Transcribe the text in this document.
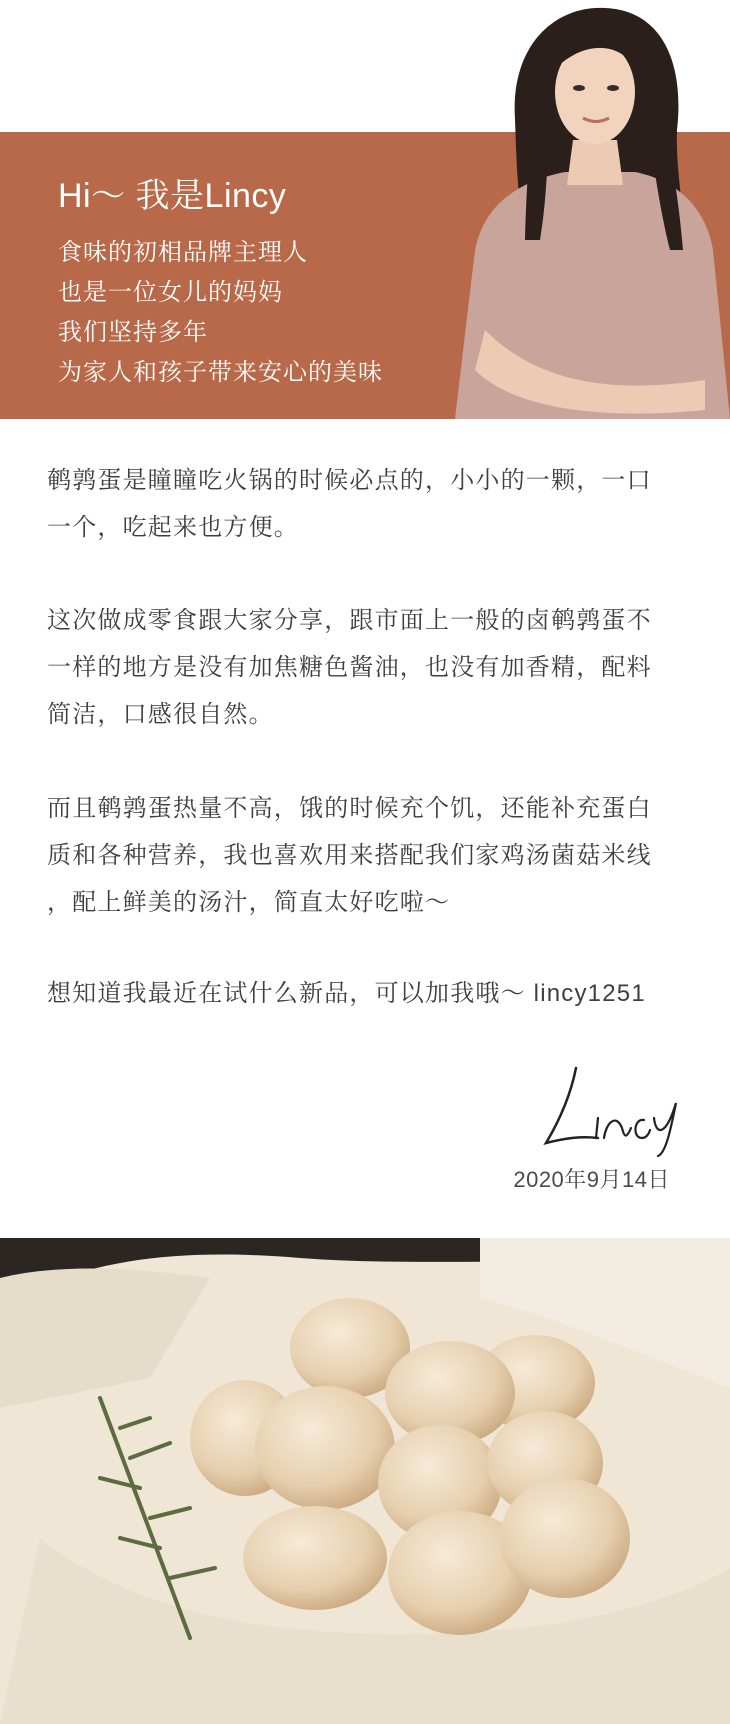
Hi～ 我是Lincy
食味的初相品牌主理人
也是一位女儿的妈妈
我们坚持多年
为家人和孩子带来安心的美味
鹌鹑蛋是瞳瞳吃火锅的时候必点的，小小的一颗，一口
一个，吃起来也方便。
这次做成零食跟大家分享，跟市面上一般的卤鹌鹑蛋不
一样的地方是没有加焦糖色酱油，也没有加香精，配料
简洁，口感很自然。
而且鹌鹑蛋热量不高，饿的时候充个饥，还能补充蛋白
质和各种营养，我也喜欢用来搭配我们家鸡汤菌菇米线
，配上鲜美的汤汁，简直太好吃啦～
想知道我最近在试什么新品，可以加我哦～ lincy1251
2020年9月14日
